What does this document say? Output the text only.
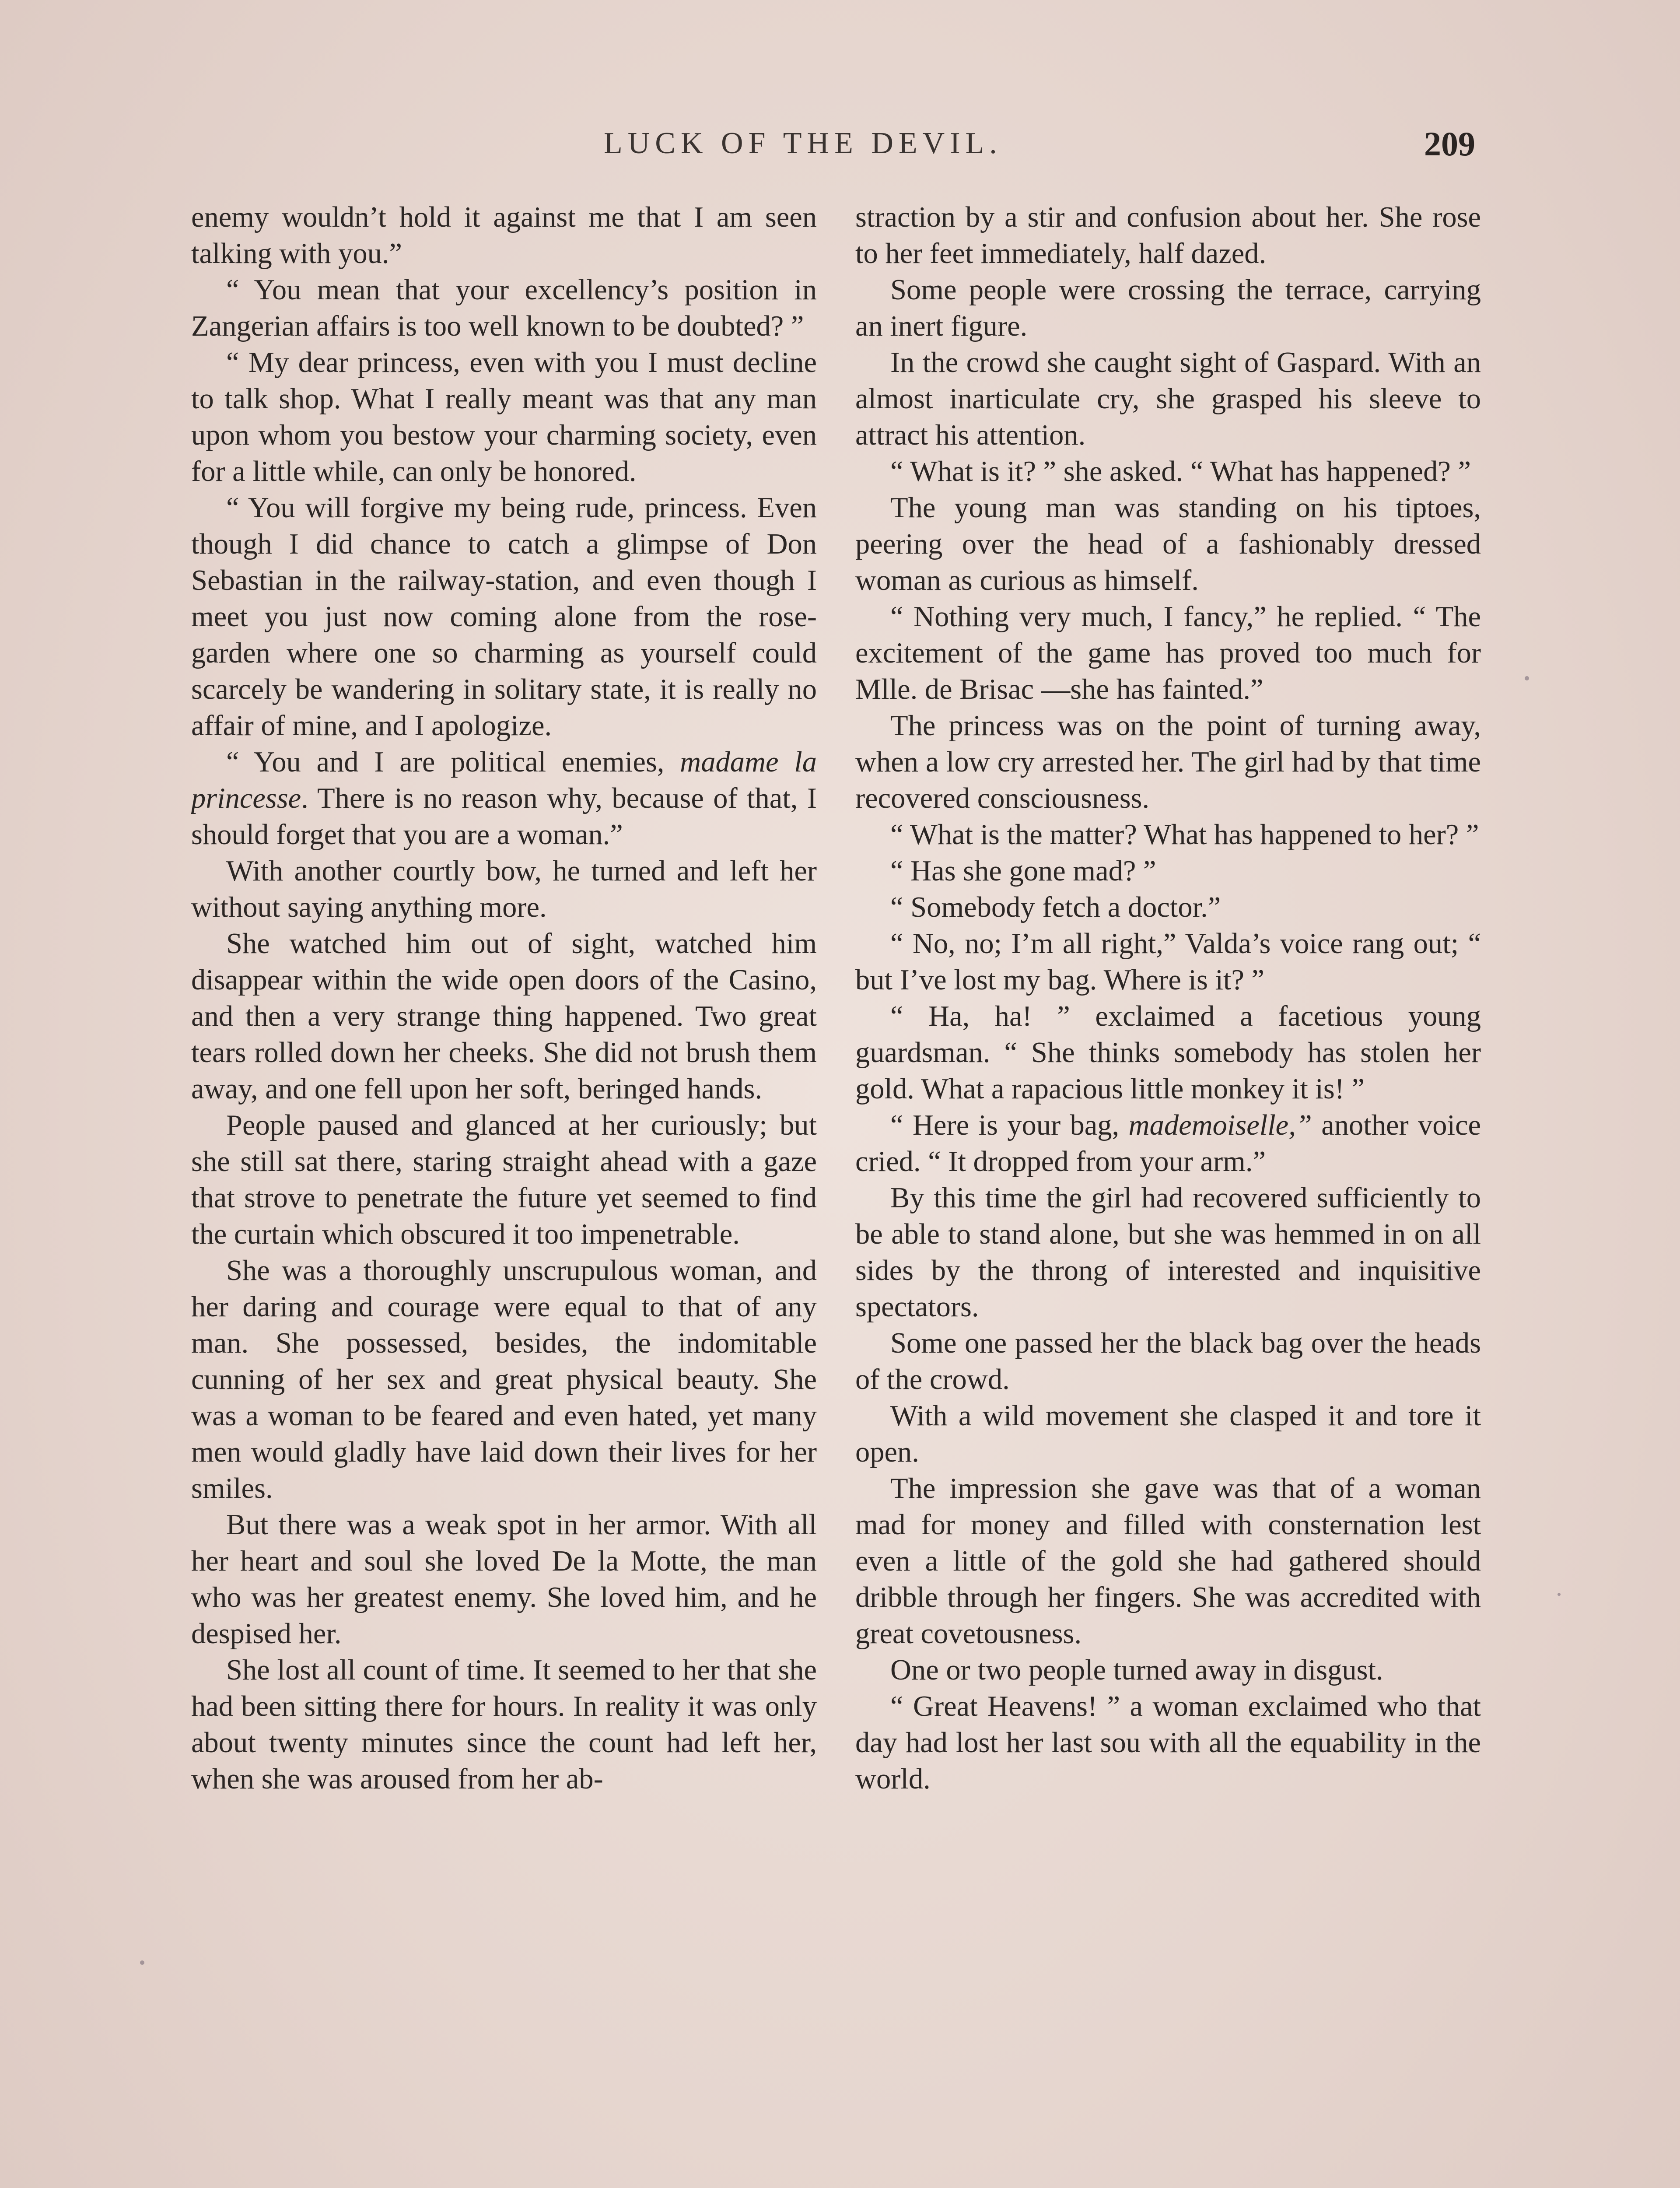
LUCK OF THE DEVIL.	209

enemy wouldn’t hold it against me that I am seen talking with you.”

“ You mean that your excellency’s position in Zangerian affairs is too well known to be doubted? ”

“ My dear princess, even with you I must decline to talk shop. What I really meant was that any man upon whom you bestow your charming society, even for a little while, can only be honored.

“ You will forgive my being rude, princess. Even though I did chance to catch a glimpse of Don Sebastian in the railway-station, and even though I meet you just now coming alone from the rose-garden where one so charming as yourself could scarcely be wandering in solitary state, it is really no affair of mine, and I apologize.

“ You and I are political enemies, madame la princesse. There is no reason why, because of that, I should forget that you are a woman.”

With another courtly bow, he turned and left her without saying anything more.

She watched him out of sight, watched him disappear within the wide open doors of the Casino, and then a very strange thing happened. Two great tears rolled down her cheeks. She did not brush them away, and one fell upon her soft, beringed hands.

People paused and glanced at her curiously; but she still sat there, staring straight ahead with a gaze that strove to penetrate the future yet seemed to find the curtain which obscured it too impenetrable.

She was a thoroughly unscrupulous woman, and her daring and courage were equal to that of any man. She possessed, besides, the indomitable cunning of her sex and great physical beauty. She was a woman to be feared and even hated, yet many men would gladly have laid down their lives for her smiles.

But there was a weak spot in her armor. With all her heart and soul she loved De la Motte, the man who was her greatest enemy. She loved him, and he despised her.

She lost all count of time. It seemed to her that she had been sitting there for hours. In reality it was only about twenty minutes since the count had left her, when she was aroused from her ab-

straction by a stir and confusion about her. She rose to her feet immediately, half dazed.

Some people were crossing the terrace, carrying an inert figure.

In the crowd she caught sight of Gaspard. With an almost inarticulate cry, she grasped his sleeve to attract his attention.

“ What is it? ” she asked. “ What has happened? ”

The young man was standing on his tiptoes, peering over the head of a fashionably dressed woman as curious as himself.

“ Nothing very much, I fancy,” he replied. “ The excitement of the game has proved too much for Mlle. de Brisac —she has fainted.”

The princess was on the point of turning away, when a low cry arrested her. The girl had by that time recovered consciousness.

“ What is the matter? What has happened to her? ”

“ Has she gone mad? ”

“ Somebody fetch a doctor.”

“ No, no; I’m all right,” Valda’s voice rang out; “ but I’ve lost my bag. Where is it? ”

“ Ha, ha! ” exclaimed a facetious young guardsman. “ She thinks somebody has stolen her gold. What a rapacious little monkey it is! ”

“ Here is your bag, mademoiselle,” another voice cried. “ It dropped from your arm.”

By this time the girl had recovered sufficiently to be able to stand alone, but she was hemmed in on all sides by the throng of interested and inquisitive spectators.

Some one passed her the black bag over the heads of the crowd.

With a wild movement she clasped it and tore it open.

The impression she gave was that of a woman mad for money and filled with consternation lest even a little of the gold she had gathered should dribble through her fingers. She was accredited with great covetousness.

One or two people turned away in disgust.

“ Great Heavens! ” a woman exclaimed who that day had lost her last sou with all the equability in the world.
